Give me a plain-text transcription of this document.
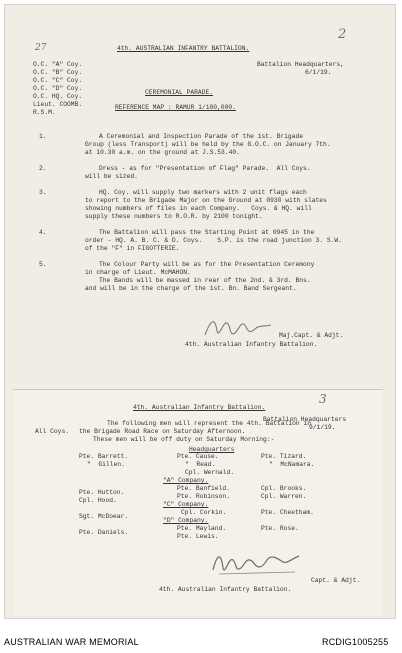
27
2
4th. AUSTRALIAN INFANTRY BATTALION.
O.C. "A" Coy.
O.C. "B" Coy.
O.C. "C" Coy.
O.C. "D" Coy.
O.C. HQ. Coy.
Lieut. COOMB.
R.S.M.
Battalion Headquarters,
6/1/19.
CEREMONIAL PARADE.
REFERENCE MAP : RAMUR 1/100,000.
1.	A Ceremonial and Inspection Parade of the 1st. Brigade
Group (less Transport) will be held by the G.O.C. on January 7th.
at 10.30 a.m. on the ground at J.S.53.40.
2.	Dress - as for "Presentation of Flag" Parade.  All Coys.
will be sized.
3.	HQ. Coy. will supply two markers with 2 unit flags each
to report to the Brigade Major on the Ground at 0930 with slates
showing numbers of files in each Company.   Coys. & HQ. will
supply these numbers to R.O.R. by 2100 tonight.
4.	The Battalion will pass the Starting Point at 0945 in the
order - HQ. A. B. C. & D. Coys.    S.P. is the road junction 3. S.W.
of the "F" in FIGOTTERIE.
5.	The Colour Party will be as for the Presentation Ceremony
in charge of Lieut. McMAHON.
The Bands will be massed in rear of the 2nd. & 3rd. Bns.
and will be in the charge of the 1st. Bn. Band Sergeant.
Maj.Capt. & Adjt.
4th. Australian Infantry Battalion.
3
4th. Australian Infantry Battalion.
Battalion Headquarters
9/1/19.
All Coys.
The following men will represent the 4th. Battalion in
the Brigade Road Race on Saturday Afternoon.
These men will be off duty on Saturday Morning:-
Headquarters
Pte. Barrett.
"  Gillen.
Pte. Cause.
"  Read.
Cpl. Wernald.
Pte. Tizard.
"  McNamara.
"A" Company.
Pte. Hutton.
Cpl. Hood.
Pte. Banfield.
Pte. Robinson.
Cpl. Brooks.
Cpl. Warren.
"C" Company.
Sgt. McDoear.
Cpl. Corkin.	Pte. Cheetham.
"D" Company.
Pte. Daniels.
Pte. Mayland.
Pte. Lewis.
Pte. Rose.
Capt. & Adjt.
4th. Australian Infantry Battalion.
AUSTRALIAN WAR MEMORIAL	RCDIG1005255
